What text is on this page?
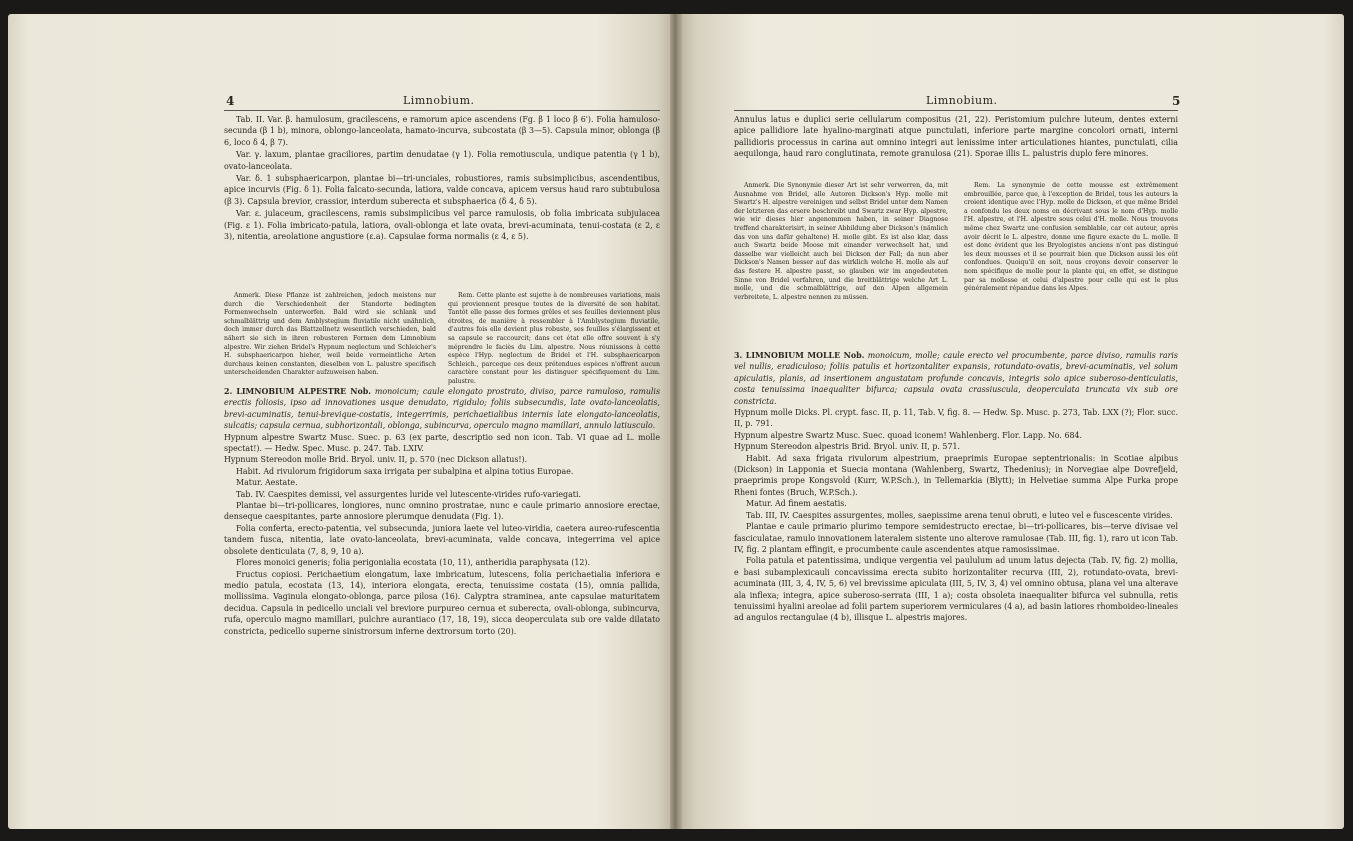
4	Limnobium.

Tab. II. Var. β. hamulosum, gracilescens, e ramorum apice ascendens (Fg. β 1 loco β 6'). Folia hamuloso-secunda (β 1 b), minora, oblongo-lanceolata, hamato-incurva, subcostata (β 3—5). Capsula minor, oblonga (β 6, loco δ 4, β 7).

Var. γ. laxum, plantae graciliores, partim denudatae (γ 1). Folia remotiuscula, undique patentia (γ 1 b), ovato-lanceolata.

Var. δ. 1 subsphaericarpon, plantae bi—tri-unciales, robustiores, ramis subsimplicibus, ascendentibus, apice incurvis (Fig. δ 1). Folia falcato-secunda, latiora, valde concava, apicem versus haud raro subtubulosa (β 3). Capsula brevior, crassior, interdum suberecta et subsphaerica (δ 4, δ 5).

Var. ε. julaceum, gracilescens, ramis subsimplicibus vel parce ramulosis, ob folia imbricata subjulacea (Fig. ε 1). Folia imbricato-patula, latiora, ovali-oblonga et late ovata, brevi-acuminata, tenui-costata (ε 2, ε 3), nitentia, areolatione angustiore (ε.a). Capsulae forma normalis (ε 4, ε 5).

Anmerk. Diese Pflanze ist zahlreichen, jedoch meistens nur durch die Verschiedenheit der Standorte bedingten Formenwechseln unterworfen. Bald wird sie schlank und schmalblättrig und dem Amblystegium fluviatile nicht unähnlich, doch immer durch das Blattzellnetz wesentlich verschieden, bald nähert sie sich in ihren robusteren Formen dem Limnobium alpestre. Wir ziehen Bridel's Hypnum neglectum und Schleicher's H. subsphaericarpon hieher, weil beide vermeintliche Arten durchaus keinen constanten, dieselben von L. palustre specifisch unterscheidenden Charakter aufzuweisen haben.

Rem. Cette plante est sujette à de nombreuses variations, mais qui proviennent presque toutes de la diversité de son habitat. Tantôt elle passe des formes grêles et ses feuilles deviennent plus étroites, de manière à ressembler à l'Amblystegium fluviatile, d'autres fois elle devient plus robuste, ses feuilles s'élargissent et sa capsule se raccourcit; dans cet état elle offre souvent à s'y méprendre le faciès du Lim. alpestre. Nous réunissons à cette espèce l'Hyp. neglectum de Bridel et l'H. subsphaericarpon Schleich., parceque ces deux prétendues espèces n'offrent aucun caractère constant pour les distinguer spécifiquement du Lim. palustre.

2. LIMNOBIUM ALPESTRE Nob. monoicum; caule elongato prostrato, diviso, parce ramuloso, ramulis erectis foliosis, ipso ad innovationes usque denudato, rigidulo; foliis subsecundis, late ovato-lanceolatis, brevi-acuminatis, tenui-brevique-costatis, integerrimis, perichaetialibus internis late elongato-lanceolatis, sulcatis; capsula cernua, subhorizontali, oblonga, subincurva, operculo magno mamillari, annulo latiusculo.

Hypnum alpestre Swartz Musc. Suec. p. 63 (ex parte, descriptio sed non icon. Tab. VI quae ad L. molle spectat!). — Hedw. Spec. Musc. p. 247. Tab. LXIV.

Hypnum Stereodon molle Brid. Bryol. univ. II, p. 570 (nec Dickson allatus!).

Habit. Ad rivulorum frigidorum saxa irrigata per subalpina et alpina totius Europae.

Matur. Aestate.

Tab. IV. Caespites demissi, vel assurgentes luride vel lutescente-virides rufo-variegati.

Plantae bi—tri-pollicares, longiores, nunc omnino prostratae, nunc e caule primario annosiore erectae, denseque caespitantes, parte annosiore plerumque denudata (Fig. 1).

Folia conferta, erecto-patentia, vel subsecunda, juniora laete vel luteo-viridia, caetera aureo-rufescentia tandem fusca, nitentia, late ovato-lanceolata, brevi-acuminata, valde concava, integerrima vel apice obsolete denticulata (7, 8, 9, 10 a).

Flores monoici generis; folia perigonialia ecostata (10, 11), antheridia paraphysata (12).

Fructus copiosi. Perichaetium elongatum, laxe imbricatum, lutescens, folia perichaetialia inferiora e medio patula, ecostata (13, 14), interiora elongata, erecta, tenuissime costata (15), omnia pallida, mollissima. Vaginula elongato-oblonga, parce pilosa (16). Calyptra straminea, ante capsulae maturitatem decidua. Capsula in pedicello unciali vel breviore purpureo cernua et suberecta, ovali-oblonga, subincurva, rufa, operculo magno mamillari, pulchre aurantiaco (17, 18, 19), sicca deoperculata sub ore valde dilatato constricta, pedicello superne sinistrorsum inferne dextrorsum torto (20).

Limnobium.	5

Annulus latus e duplici serie cellularum compositus (21, 22). Peristomium pulchre luteum, dentes externi apice pallidiore late hyalino-marginati atque punctulati, inferiore parte margine concolori ornati, interni pallidioris processus in carina aut omnino integri aut lenissime inter articulationes hiantes, punctulati, cilia aequilonga, haud raro conglutinata, remote granulosa (21). Sporae illis L. palustris duplo fere minores.

Anmerk. Die Synonymie dieser Art ist sehr verworren, da, mit Ausnahme von Bridel, alle Autoren Dickson's Hyp. molle mit Swartz's H. alpestre vereinigen und selbst Bridel unter dem Namen der letzteren das ersere beschreibt und Swartz zwar Hyp. alpestre, wie wir dieses hier angenommen haben, in seiner Diagnose treffend charakterisirt, in seiner Abbildung aber Dickson's (nämlich das von uns dafür gehaltene) H. molle gibt. Es ist also klar, dass auch Swartz beide Moose mit einander verwechselt hat, und dasselbe war vielleicht auch bei Dickson der Fall; da nun aber Dickson's Namen besser auf das wirklich welche H. molle als auf das festere H. alpestre passt, so glauben wir im angedeuteten Sinne von Bridel verfahren, und die breitblättrige welche Art L. molle, und die schmalblättrige, auf den Alpen allgemein verbreitete, L. alpestre nennen zu müssen.

Rem. La synonymie de cette mousse est extrêmement embrouillée, parce que, à l'exception de Bridel, tous les auteurs la croient identique avec l'Hyp. molle de Dickson, et que même Bridel a confondu les deux noms en décrivant sous le nom d'Hyp. molle l'H. alpestre, et l'H. alpestre sous celui d'H. molle. Nous trouvons même chez Swartz une confusion semblable, car cet auteur, après avoir décrit le L. alpestre, donne une figure exacte du L. molle. Il est donc évident que les Bryologistes anciens n'ont pas distingué les deux mousses et il se pourrait bien que Dickson aussi les eût confondues. Quoiqu'il en soit, nous croyons devoir conserver le nom spécifique de molle pour la plante qui, en effet, se distingue par sa mollesse et celui d'alpestre pour celle qui est le plus généralement répandue dans les Alpes.

3. LIMNOBIUM MOLLE Nob. monoicum, molle; caule erecto vel procumbente, parce diviso, ramulis raris vel nullis, eradiculoso; foliis patulis et horizontaliter expansis, rotundato-ovatis, brevi-acuminatis, vel solum apiculatis, planis, ad insertionem angustatam profunde concavis, integris solo apice suberoso-denticulatis, costa tenuissima inaequaliter bifurca; capsula ovata crassiuscula, deoperculata truncata vix sub ore constricta.

Hypnum molle Dicks. Pl. crypt. fasc. II, p. 11, Tab. V, fig. 8. — Hedw. Sp. Musc. p. 273, Tab. LXX (?); Flor. succ. II, p. 791.

Hypnum alpestre Swartz Musc. Suec. quoad iconem! Wahlenberg. Flor. Lapp. No. 684.

Hypnum Stereodon alpestris Brid. Bryol. univ. II, p. 571.

Habit. Ad saxa frigata rivulorum alpestrium, praeprimis Europae septentrionalis: in Scotiae alpibus (Dickson) in Lapponia et Suecia montana (Wahlenberg, Swartz, Thedenius); in Norvegiae alpe Dovrefjeld, praeprimis prope Kongsvold (Kurr, W.P.Sch.), in Tellemarkia (Blytt); in Helvetiae summa Alpe Furka prope Rheni fontes (Bruch, W.P.Sch.).

Matur. Ad finem aestatis.

Tab. III, IV. Caespites assurgentes, molles, saepissime arena tenui obruti, e luteo vel e fuscescente virides.

Plantae e caule primario plurimo tempore semidestructo erectae, bi—tri-pollicares, bis—terve divisae vel fasciculatae, ramulo innovationem lateralem sistente uno alterove ramulosae (Tab. III, fig. 1), raro ut icon Tab. IV, fig. 2 plantam effingit, e procumbente caule ascendentes atque ramosissimae.

Folia patula et patentissima, undique vergentia vel paululum ad unum latus dejecta (Tab. IV, fig. 2) mollia, e basi subamplexicauli concavissima erecta subito horizontaliter recurva (III, 2), rotundato-ovata, brevi-acuminata (III, 3, 4, IV, 5, 6) vel brevissime apiculata (III, 5, IV, 3, 4) vel omnino obtusa, plana vel una alterave ala inflexa; integra, apice suberoso-serrata (III, 1 a); costa obsoleta inaequaliter bifurca vel subnulla, retis tenuissimi hyalini areolae ad folii partem superiorem vermiculares (4 a), ad basin latiores rhomboideo-lineales ad angulos rectangulae (4 b), illisque L. alpestris majores.
